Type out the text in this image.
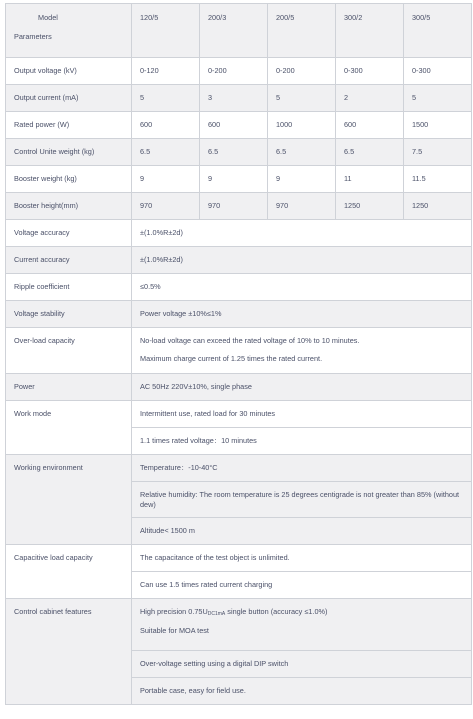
Model
Parameters	120/5	200/3	200/5	300/2	300/5

Output voltage (kV)	0-120	0-200	0-200	0-300	0-300
Output current (mA)	5	3	5	2	5
Rated power (W)	600	600	1000	600	1500
Control Unite weight (kg)	6.5	6.5	6.5	6.5	7.5
Booster weight (kg)	9	9	9	11	11.5
Booster height(mm)	970	970	970	1250	1250
Voltage accuracy	±(1.0%R±2d)				
Current accuracy	±(1.0%R±2d)				
Ripple coefficient	≤0.5%				
Voltage stability	Power voltage ±10%≤1%				
Over-load capacity	No-load voltage can exceed the rated voltage of 10% to 10 minutes.
Maximum charge current of 1.25 times the rated current.				

Power	AC 50Hz 220V±10%, single phase				
Work mode	Intermittent use, rated load for 30 minutes				
	1.1 times rated voltage：10 minutes				
Working environment	Temperature：-10-40°C				
	Relative humidity: The room temperature is 25 degrees centigrade is not greater than 85% (without dew)				
	Altitude< 1500 m				
Capacitive load capacity	The capacitance of the test object is unlimited.				
	Can use 1.5 times rated current charging				
Control cabinet features	High precision $0.75U_{DC1mA}$ single button (accuracy ≤1.0%)
Suitable for MOA test				

	Over-voltage setting using a digital DIP switch				
	Portable case, easy for field use.				
